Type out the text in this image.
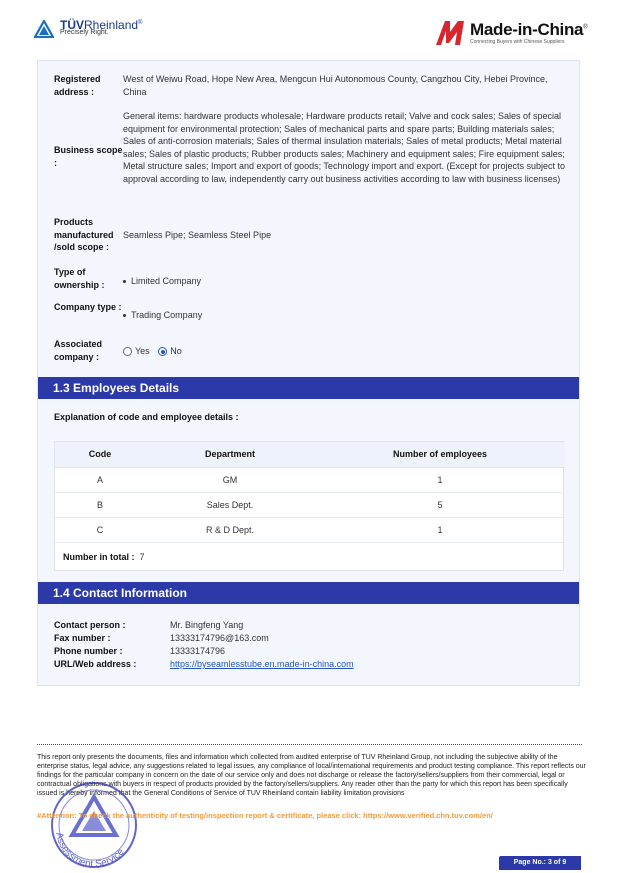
TÜVRheinland®
Precisely Right.	Made-in-China®
Connecting Buyers with Chinese Suppliers
Registered address :
West of Weiwu Road, Hope New Area, Mengcun Hui Autonomous County, Cangzhou City, Hebei Province, China
Business scope :
General items: hardware products wholesale; Hardware products retail; Valve and cock sales; Sales of special equipment for environmental protection; Sales of mechanical parts and spare parts; Building materials sales; Sales of anti-corrosion materials; Sales of thermal insulation materials; Sales of metal products; Metal material sales; Sales of plastic products; Rubber products sales; Machinery and equipment sales; Fire equipment sales; Metal structure sales; Import and export of goods; Technology import and export. (Except for projects subject to approval according to law, independently carry out business activities according to law with business licenses)
Products manufactured /sold scope :
Seamless Pipe; Seamless Steel Pipe
Type of ownership :	Limited Company
Company type :
Trading Company
Associated company :
Yes No
1.3 Employees Details
Explanation of code and employee details :
Code	Department	Number of employees
A	GM	1
B	Sales Dept.	5
C	R & D Dept.	1
Number in total : 7
1.4 Contact Information
Contact person :	Mr. Bingfeng Yang
Fax number :	13333174796@163.com
Phone number :	13333174796
URL/Web address :	https://byseamlesstube.en.made-in-china.com
This report only presents the documents, files and information which collected from audited enterprise of TUV Rheinland Group, not including the subjective ability of the enterprise status, legal advice, any suggestions related to legal issues, any compliance of local/international requirements and product testing compliance. This report reflects our findings for the particular company in concern on the date of our service only and does not discharge or release the factory/sellers/suppliers from their commercial, legal or contractual obligations with buyers in respect of products provided by the factory/sellers/suppliers. Any reader other than the party for which this report has been specifically issued is hereby informed that the General Conditions of Service of TUV Rheinland contain liability limitation provisions
Assessment Service
#Attention: To check the authenticity of testing/inspection report & certificate, please click: https://www.verified.chn.tuv.com/en/
Page No.: 3 of 9
